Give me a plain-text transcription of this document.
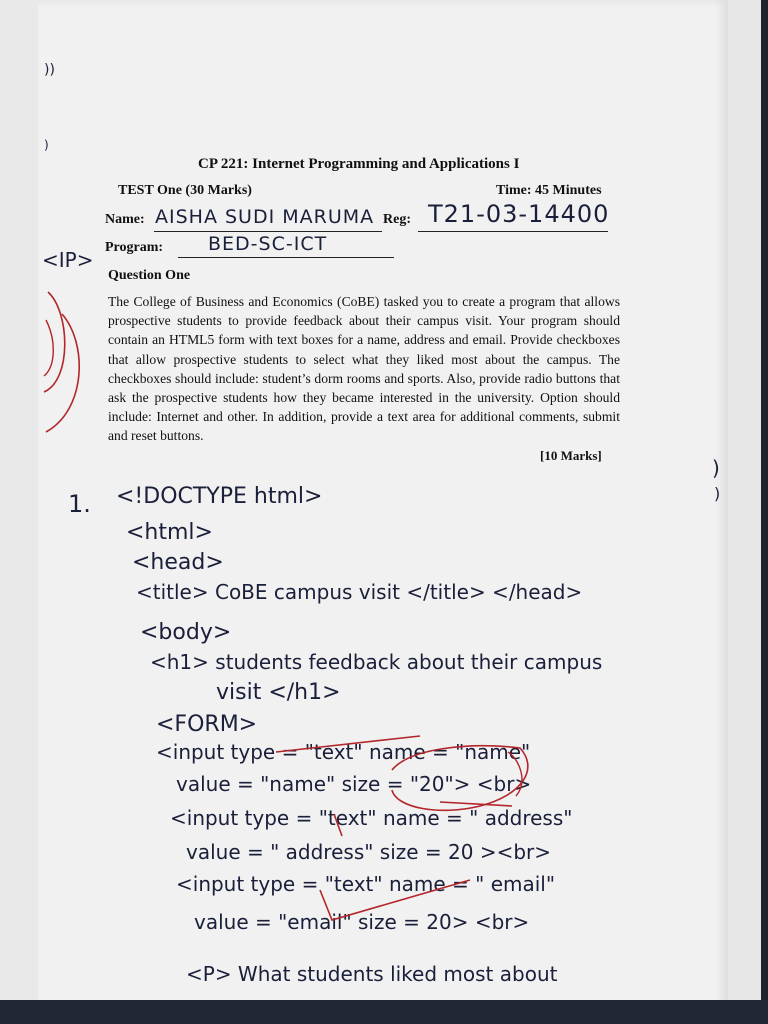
))
)
<IP>
)
)
CP 221: Internet Programming and Applications I
TEST One (30 Marks)	Time: 45 Minutes
Name: AISHA SUDI MARUMA Reg: T21-03-14400
Program: BED-SC-ICT
Question One

The College of Business and Economics (CoBE) tasked you to create a program that allows prospective students to provide feedback about their campus visit. Your program should contain an HTML5 form with text boxes for a name, address and email. Provide checkboxes that allow prospective students to select what they liked most about the campus. The checkboxes should include: student’s dorm rooms and sports. Also, provide radio buttons that ask the prospective students how they became interested in the university. Option should include: Internet and other. In addition, provide a text area for additional comments, submit and reset buttons.

[10 Marks]
1. <!DOCTYPE html>
<html>
<head>
<title> CoBE campus visit </title> </head>
<body>
<h1> students feedback about their campus
visit </h1>
<FORM>
<input type = "text" name = "name"
value = "name" size = "20"> <br>
<input type = "text" name = " address"
value = " address" size = 20 ><br>
<input type = "text" name = " email"
value = "email" size = 20> <br>
<P> What students liked most about
